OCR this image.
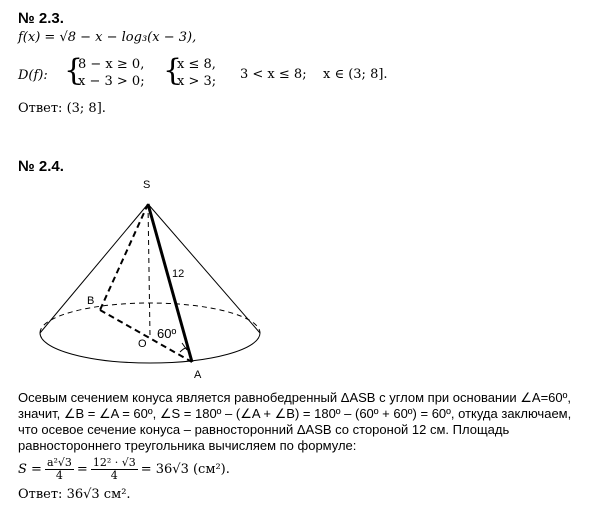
№ 2.3.
f(x) = √8 − x − log₃(x − 3),
D(f): {
8 − x ≥ 0,
x − 3 > 0; {
x ≤ 8,
x > 3; 3 < x ≤ 8; x ∈ (3; 8].
Ответ: (3; 8].
№ 2.4.
S
B
O
A
12
60º
Осевым сечением конуса является равнобедренный ΔASB с углом при основании ∠A=60º, значит, ∠B = ∠A = 60º, ∠S = 180º – (∠A + ∠B) = 180º – (60º + 60º) = 60º, откуда заключаем, что осевое сечение конуса – равносторонний ΔASB со стороной 12 см. Площадь равностороннего треугольника вычисляем по формуле:
$S = \frac{\text{a²√3}}{4} = \frac{\text{12² · √3}}{4} = 36√3$ (см²).
Ответ: 36√3 см².
